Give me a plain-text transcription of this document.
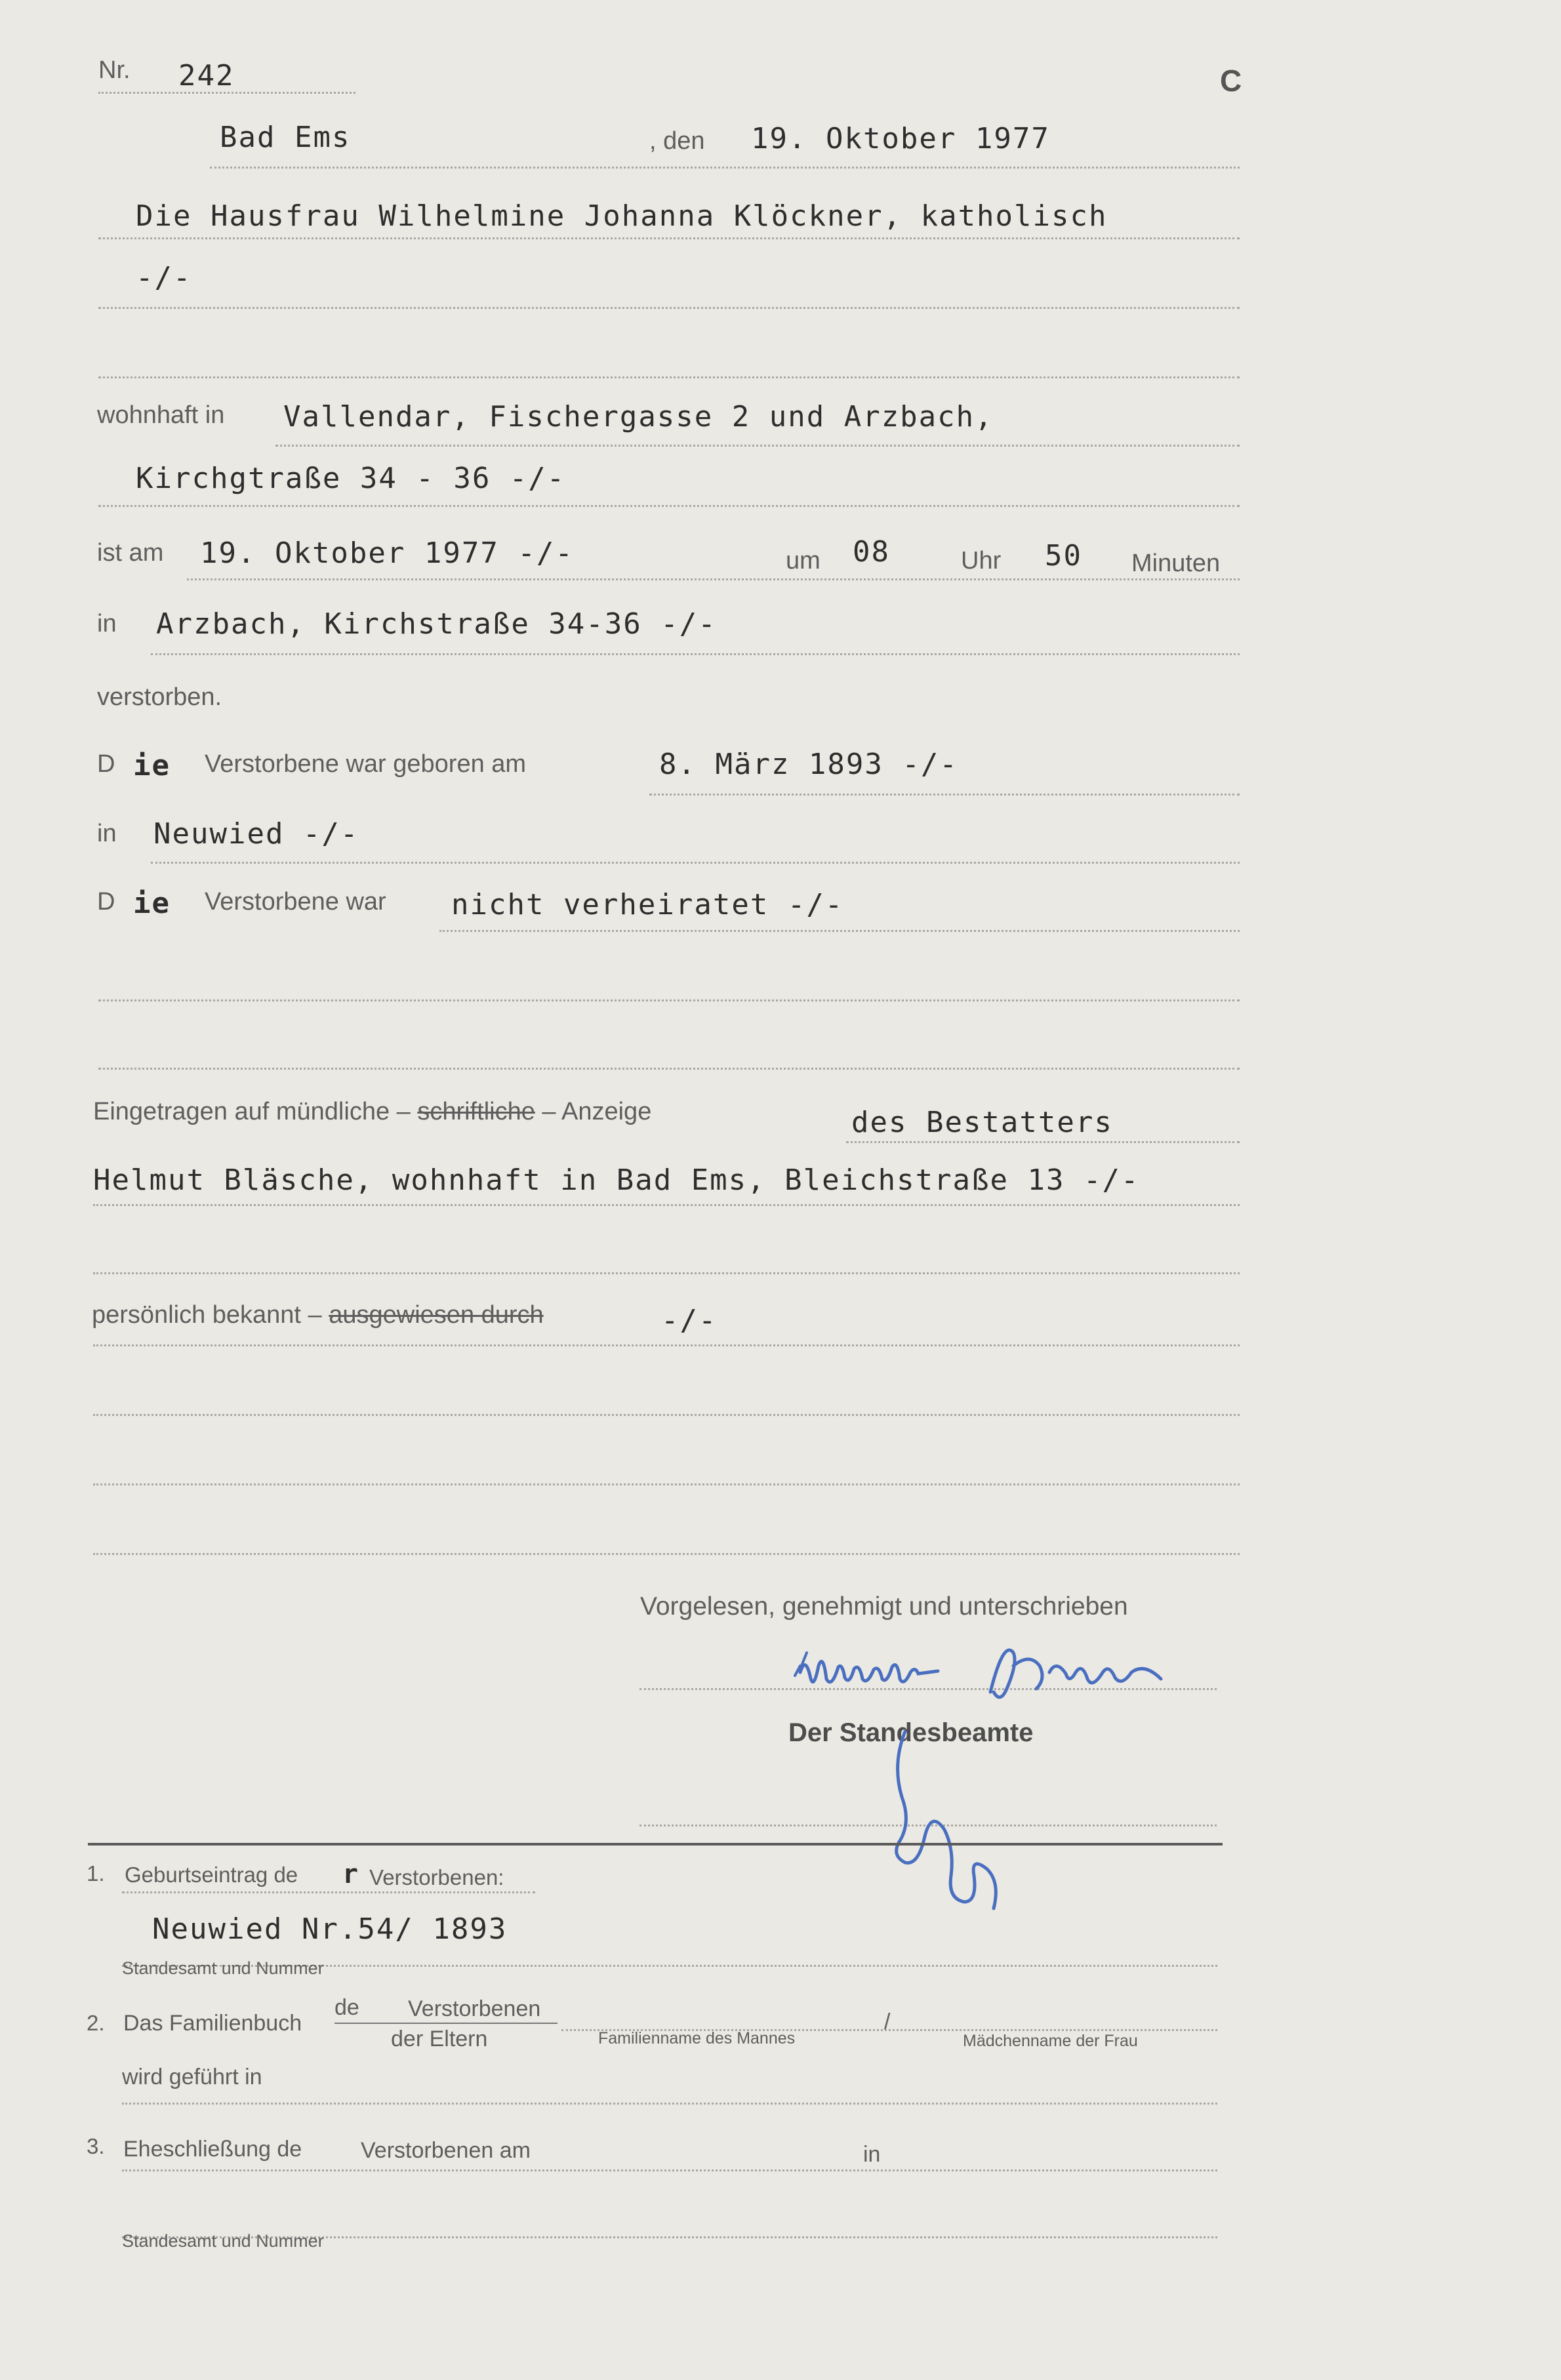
Nr. 242	C
Bad Ems	, den 19. Oktober 1977
Die Hausfrau Wilhelmine Johanna Klöckner, katholisch
-/-
wohnhaft in Vallendar, Fischergasse 2 und Arzbach,
Kirchgtraße 34 - 36 -/-
ist am 19. Oktober 1977 -/-	um 08	Uhr 50 Minuten
in Arzbach, Kirchstraße 34-36 -/-
verstorben.
D ie Verstorbene war geboren am	8. März 1893 -/-
in Neuwied -/-
D ie Verstorbene war nicht verheiratet -/-
Eingetragen auf mündliche – schriftliche – Anzeige	des Bestatters
Helmut Bläsche, wohnhaft in Bad Ems, Bleichstraße 13 -/-
persönlich bekannt – ausgewiesen durch	-/-
Vorgelesen, genehmigt und unterschrieben
Der Standesbeamte
1. Geburtseintrag de r Verstorbenen:
Neuwied Nr.54/ 1893
Standesamt und Nummer
2. Das Familienbuch
de Verstorbenen
der Eltern	Familienname des Mannes
/
Mädchenname der Frau
wird geführt in
3. Eheschließung de	Verstorbenen am	in
Standesamt und Nummer
